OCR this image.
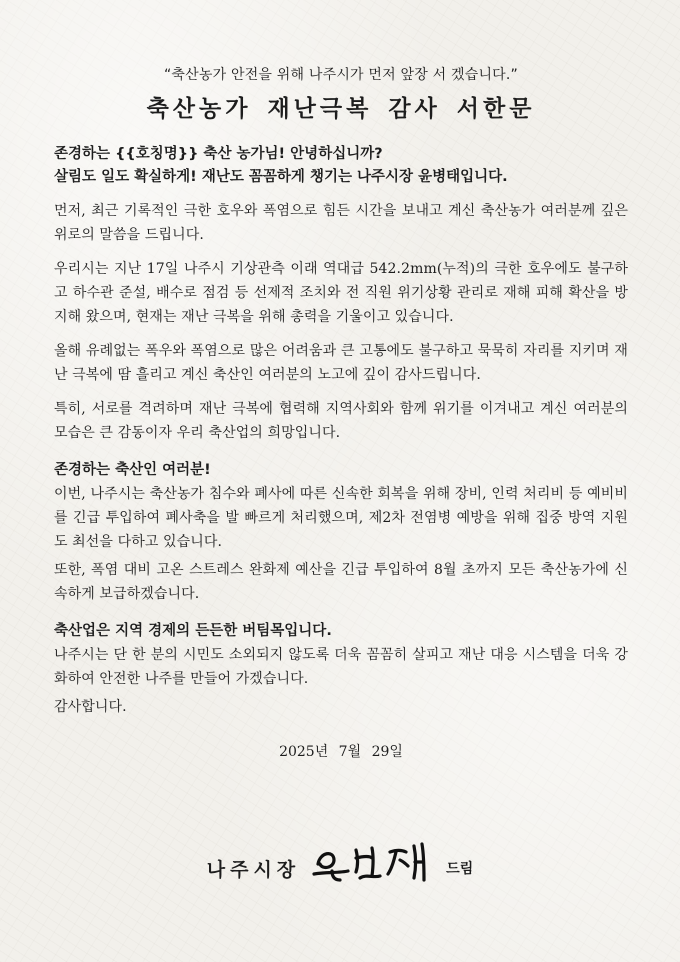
“축산농가 안전을 위해 나주시가 먼저 앞장 서 겠습니다.”
축산농가 재난극복 감사 서한문
존경하는 {{호칭명}} 축산 농가님! 안녕하십니까?
살림도 일도 확실하게! 재난도 꼼꼼하게 챙기는 나주시장 윤병태입니다.

먼저, 최근 기록적인 극한 호우와 폭염으로 힘든 시간을 보내고 계신 축산농가 여러분께 깊은 위로의 말씀을 드립니다.

우리시는 지난 17일 나주시 기상관측 이래 역대급 542.2mm(누적)의 극한 호우에도 불구하고 하수관 준설, 배수로 점검 등 선제적 조치와 전 직원 위기상황 관리로 재해 피해 확산을 방지해 왔으며, 현재는 재난 극복을 위해 총력을 기울이고 있습니다.

올해 유례없는 폭우와 폭염으로 많은 어려움과 큰 고통에도 불구하고 묵묵히 자리를 지키며 재난 극복에 땀 흘리고 계신 축산인 여러분의 노고에 깊이 감사드립니다.

특히, 서로를 격려하며 재난 극복에 협력해 지역사회와 함께 위기를 이겨내고 계신 여러분의 모습은 큰 감동이자 우리 축산업의 희망입니다.

존경하는 축산인 여러분!

이번, 나주시는 축산농가 침수와 폐사에 따른 신속한 회복을 위해 장비, 인력 처리비 등 예비비를 긴급 투입하여 폐사축을 발 빠르게 처리했으며, 제2차 전염병 예방을 위해 집중 방역 지원도 최선을 다하고 있습니다.

또한, 폭염 대비 고온 스트레스 완화제 예산을 긴급 투입하여 8월 초까지 모든 축산농가에 신속하게 보급하겠습니다.

축산업은 지역 경제의 든든한 버팀목입니다.

나주시는 단 한 분의 시민도 소외되지 않도록 더욱 꼼꼼히 살피고 재난 대응 시스템을 더욱 강화하여 안전한 나주를 만들어 가겠습니다.

감사합니다.

2025년 7월 29일
나주시장	드림
